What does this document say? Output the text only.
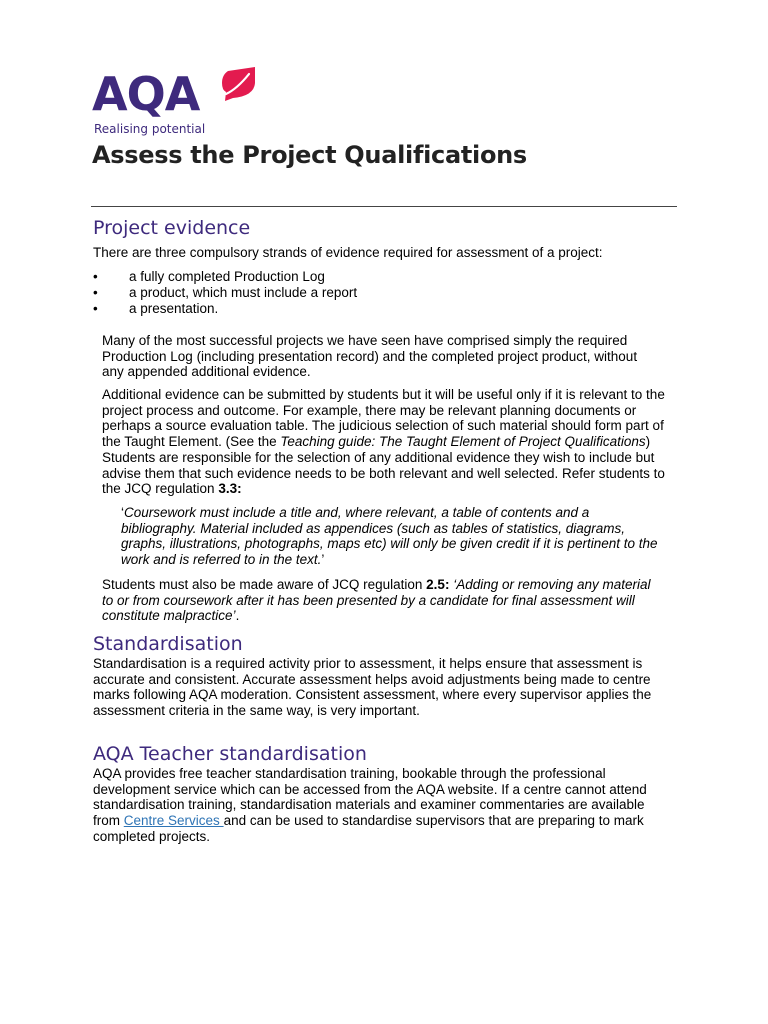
AQA
Realising potential
Assess the Project Qualifications
Project evidence

There are three compulsory strands of evidence required for assessment of a project:

• a fully completed Production Log
• a product, which must include a report
• a presentation.

Many of the most successful projects we have seen have comprised simply the required Production Log (including presentation record) and the completed project product, without any appended additional evidence.

Additional evidence can be submitted by students but it will be useful only if it is relevant to the project process and outcome. For example, there may be relevant planning documents or perhaps a source evaluation table. The judicious selection of such material should form part of the Taught Element. (See the Teaching guide: The Taught Element of Project Qualifications) Students are responsible for the selection of any additional evidence they wish to include but advise them that such evidence needs to be both relevant and well selected. Refer students to the JCQ regulation 3.3:

‘Coursework must include a title and, where relevant, a table of contents and a bibliography. Material included as appendices (such as tables of statistics, diagrams, graphs, illustrations, photographs, maps etc) will only be given credit if it is pertinent to the work and is referred to in the text.’

Students must also be made aware of JCQ regulation 2.5: ‘Adding or removing any material to or from coursework after it has been presented by a candidate for final assessment will constitute malpractice’.

Standardisation

Standardisation is a required activity prior to assessment, it helps ensure that assessment is accurate and consistent. Accurate assessment helps avoid adjustments being made to centre marks following AQA moderation. Consistent assessment, where every supervisor applies the assessment criteria in the same way, is very important.

AQA Teacher standardisation

AQA provides free teacher standardisation training, bookable through the professional development service which can be accessed from the AQA website. If a centre cannot attend standardisation training, standardisation materials and examiner commentaries are available from Centre Services and can be used to standardise supervisors that are preparing to mark completed projects.
